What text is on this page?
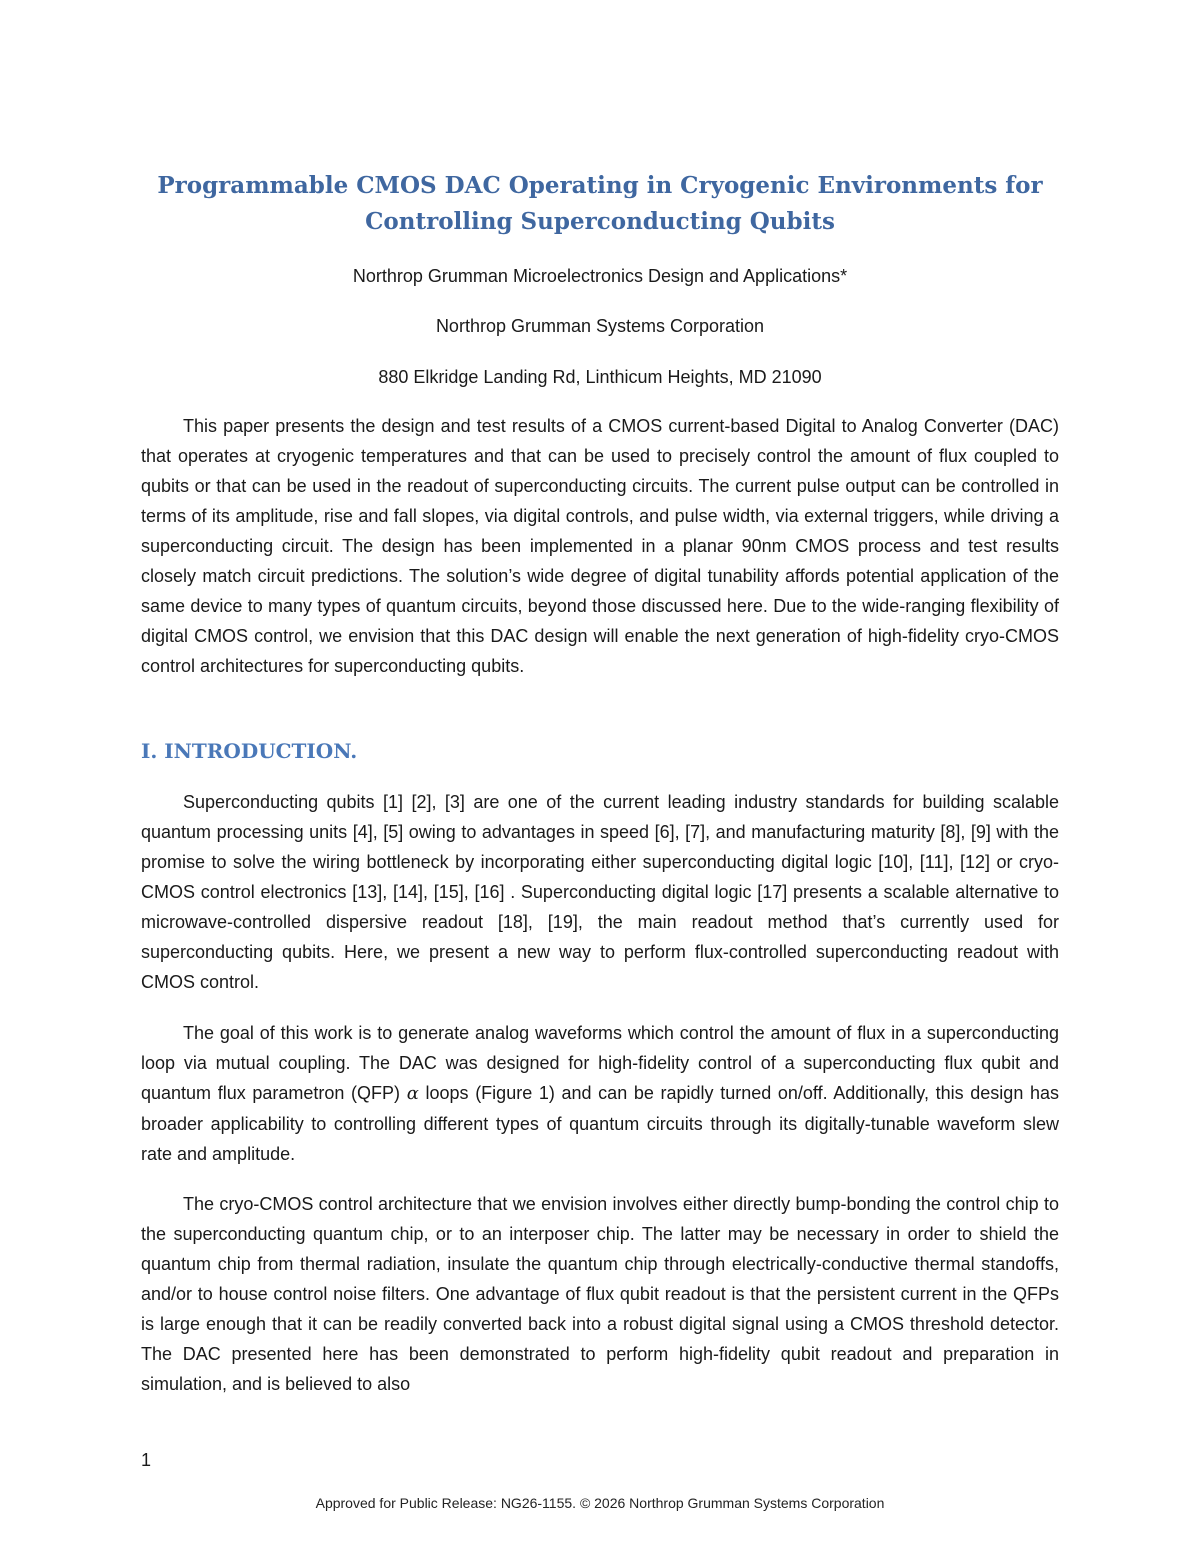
Programmable CMOS DAC Operating in Cryogenic Environments for
Controlling Superconducting Qubits

Northrop Grumman Microelectronics Design and Applications*

Northrop Grumman Systems Corporation

880 Elkridge Landing Rd, Linthicum Heights, MD 21090

This paper presents the design and test results of a CMOS current-based Digital to Analog Converter (DAC) that operates at cryogenic temperatures and that can be used to precisely control the amount of flux coupled to qubits or that can be used in the readout of superconducting circuits. The current pulse output can be controlled in terms of its amplitude, rise and fall slopes, via digital controls, and pulse width, via external triggers, while driving a superconducting circuit. The design has been implemented in a planar 90nm CMOS process and test results closely match circuit predictions. The solution’s wide degree of digital tunability affords potential application of the same device to many types of quantum circuits, beyond those discussed here. Due to the wide-ranging flexibility of digital CMOS control, we envision that this DAC design will enable the next generation of high-fidelity cryo-CMOS control architectures for superconducting qubits.

I. INTRODUCTION.

Superconducting qubits [1] [2], [3] are one of the current leading industry standards for building scalable quantum processing units [4], [5] owing to advantages in speed [6], [7], and manufacturing maturity [8], [9] with the promise to solve the wiring bottleneck by incorporating either superconducting digital logic [10], [11], [12] or cryo-CMOS control electronics [13], [14], [15], [16] . Superconducting digital logic [17] presents a scalable alternative to microwave-controlled dispersive readout [18], [19], the main readout method that’s currently used for superconducting qubits. Here, we present a new way to perform flux-controlled superconducting readout with CMOS control.

The goal of this work is to generate analog waveforms which control the amount of flux in a superconducting loop via mutual coupling. The DAC was designed for high-fidelity control of a superconducting flux qubit and quantum flux parametron (QFP) α loops (Figure 1) and can be rapidly turned on/off. Additionally, this design has broader applicability to controlling different types of quantum circuits through its digitally-tunable waveform slew rate and amplitude.

The cryo-CMOS control architecture that we envision involves either directly bump-bonding the control chip to the superconducting quantum chip, or to an interposer chip. The latter may be necessary in order to shield the quantum chip from thermal radiation, insulate the quantum chip through electrically-conductive thermal standoffs, and/or to house control noise filters. One advantage of flux qubit readout is that the persistent current in the QFPs is large enough that it can be readily converted back into a robust digital signal using a CMOS threshold detector. The DAC presented here has been demonstrated to perform high-fidelity qubit readout and preparation in simulation, and is believed to also

1
Approved for Public Release: NG26-1155. © 2026 Northrop Grumman Systems Corporation
